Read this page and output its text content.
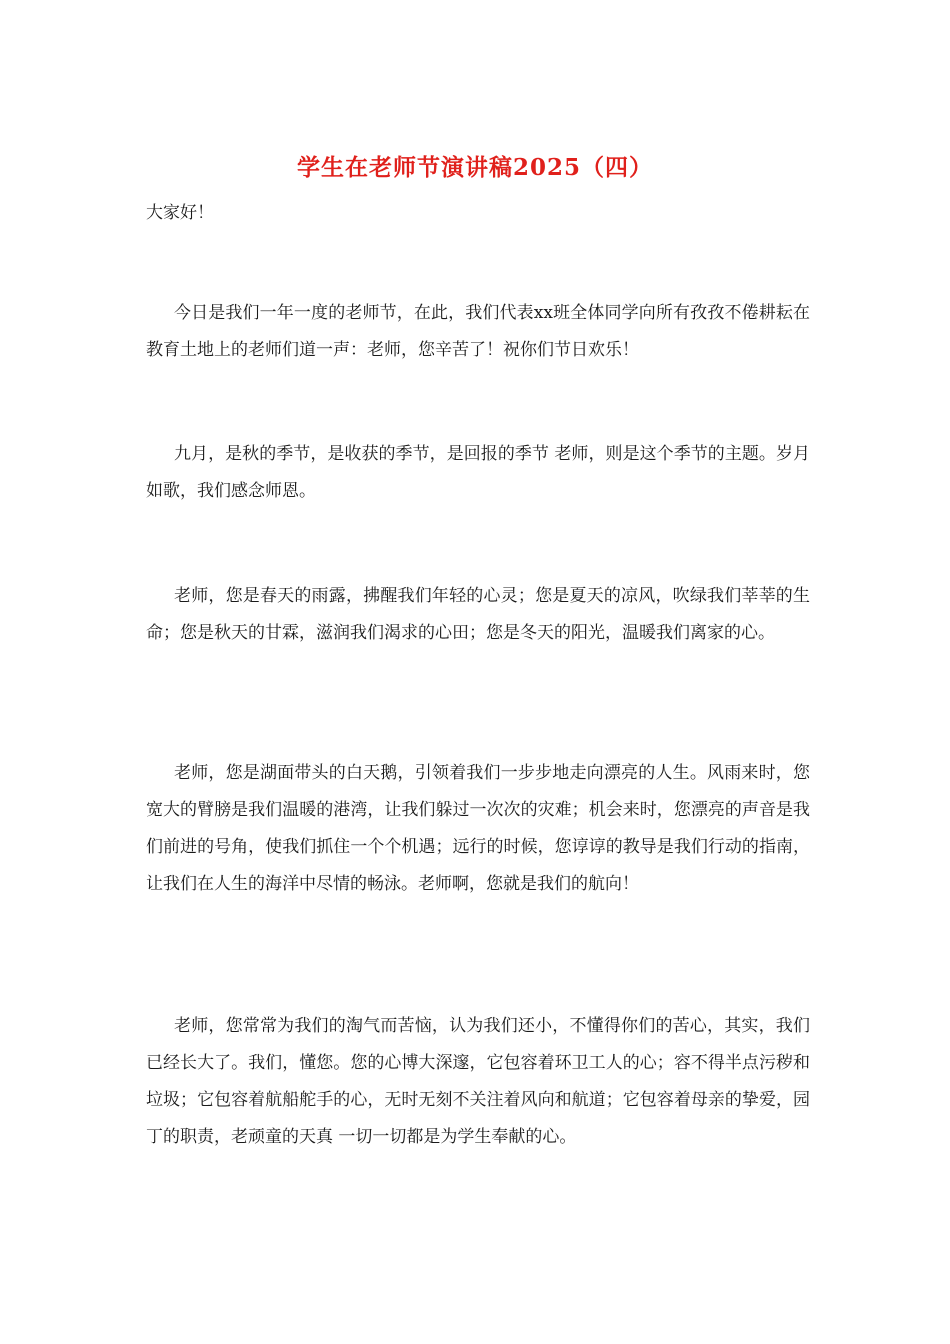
学生在老师节演讲稿2025（四）
大家好！

今日是我们一年一度的老师节，在此，我们代表xx班全体同学向所有孜孜不倦耕耘在教育土地上的老师们道一声：老师，您辛苦了！祝你们节日欢乐！

九月，是秋的季节，是收获的季节，是回报的季节 老师，则是这个季节的主题。岁月如歌，我们感念师恩。

老师，您是春天的雨露，拂醒我们年轻的心灵；您是夏天的凉风，吹绿我们莘莘的生命；您是秋天的甘霖，滋润我们渴求的心田；您是冬天的阳光，温暖我们离家的心。

老师，您是湖面带头的白天鹅，引领着我们一步步地走向漂亮的人生。风雨来时，您宽大的臂膀是我们温暖的港湾，让我们躲过一次次的灾难；机会来时，您漂亮的声音是我们前进的号角，使我们抓住一个个机遇；远行的时候，您谆谆的教导是我们行动的指南，让我们在人生的海洋中尽情的畅泳。老师啊，您就是我们的航向！

老师，您常常为我们的淘气而苦恼，认为我们还小，不懂得你们的苦心，其实，我们已经长大了。我们，懂您。您的心博大深邃，它包容着环卫工人的心；容不得半点污秽和垃圾；它包容着航船舵手的心，无时无刻不关注着风向和航道；它包容着母亲的挚爱，园丁的职责，老顽童的天真 一切一切都是为学生奉献的心。
